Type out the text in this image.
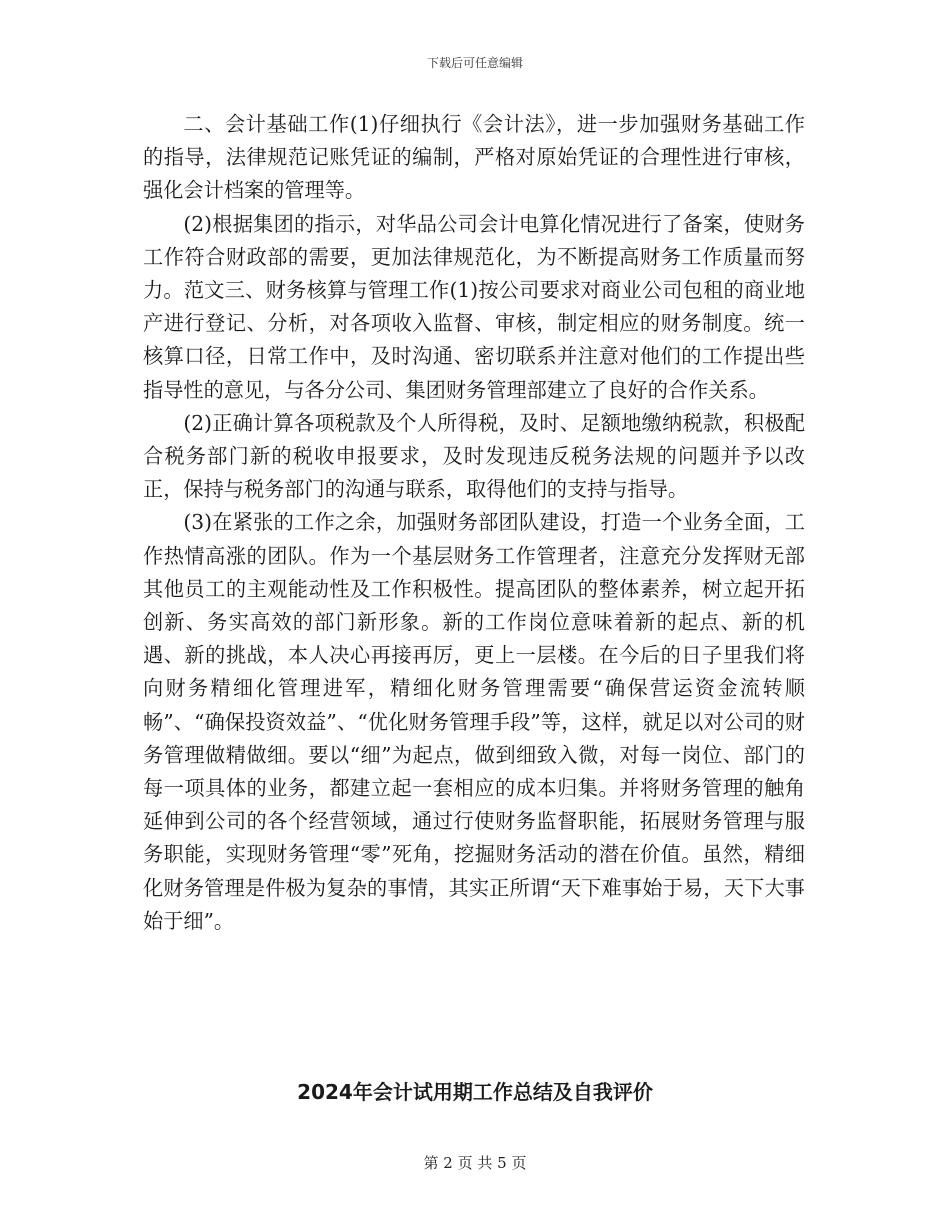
下载后可任意编辑

二、会计基础工作(1)仔细执行《会计法》，进一步加强财务基础工作的指导，法律规范记账凭证的编制，严格对原始凭证的合理性进行审核，强化会计档案的管理等。

(2)根据集团的指示，对华品公司会计电算化情况进行了备案，使财务工作符合财政部的需要，更加法律规范化，为不断提高财务工作质量而努力。范文三、财务核算与管理工作(1)按公司要求对商业公司包租的商业地产进行登记、分析，对各项收入监督、审核，制定相应的财务制度。统一核算口径，日常工作中，及时沟通、密切联系并注意对他们的工作提出些指导性的意见，与各分公司、集团财务管理部建立了良好的合作关系。

(2)正确计算各项税款及个人所得税，及时、足额地缴纳税款，积极配合税务部门新的税收申报要求，及时发现违反税务法规的问题并予以改正，保持与税务部门的沟通与联系，取得他们的支持与指导。

(3)在紧张的工作之余，加强财务部团队建设，打造一个业务全面，工作热情高涨的团队。作为一个基层财务工作管理者，注意充分发挥财无部其他员工的主观能动性及工作积极性。提高团队的整体素养，树立起开拓创新、务实高效的部门新形象。新的工作岗位意味着新的起点、新的机遇、新的挑战，本人决心再接再厉，更上一层楼。在今后的日子里我们将向财务精细化管理进军，精细化财务管理需要“确保营运资金流转顺畅”、“确保投资效益”、“优化财务管理手段”等，这样，就足以对公司的财务管理做精做细。要以“细”为起点，做到细致入微，对每一岗位、部门的每一项具体的业务，都建立起一套相应的成本归集。并将财务管理的触角延伸到公司的各个经营领域，通过行使财务监督职能，拓展财务管理与服务职能，实现财务管理“零”死角，挖掘财务活动的潜在价值。虽然，精细化财务管理是件极为复杂的事情，其实正所谓“天下难事始于易，天下大事始于细”。

2024年会计试用期工作总结及自我评价
第 2 页 共 5 页
